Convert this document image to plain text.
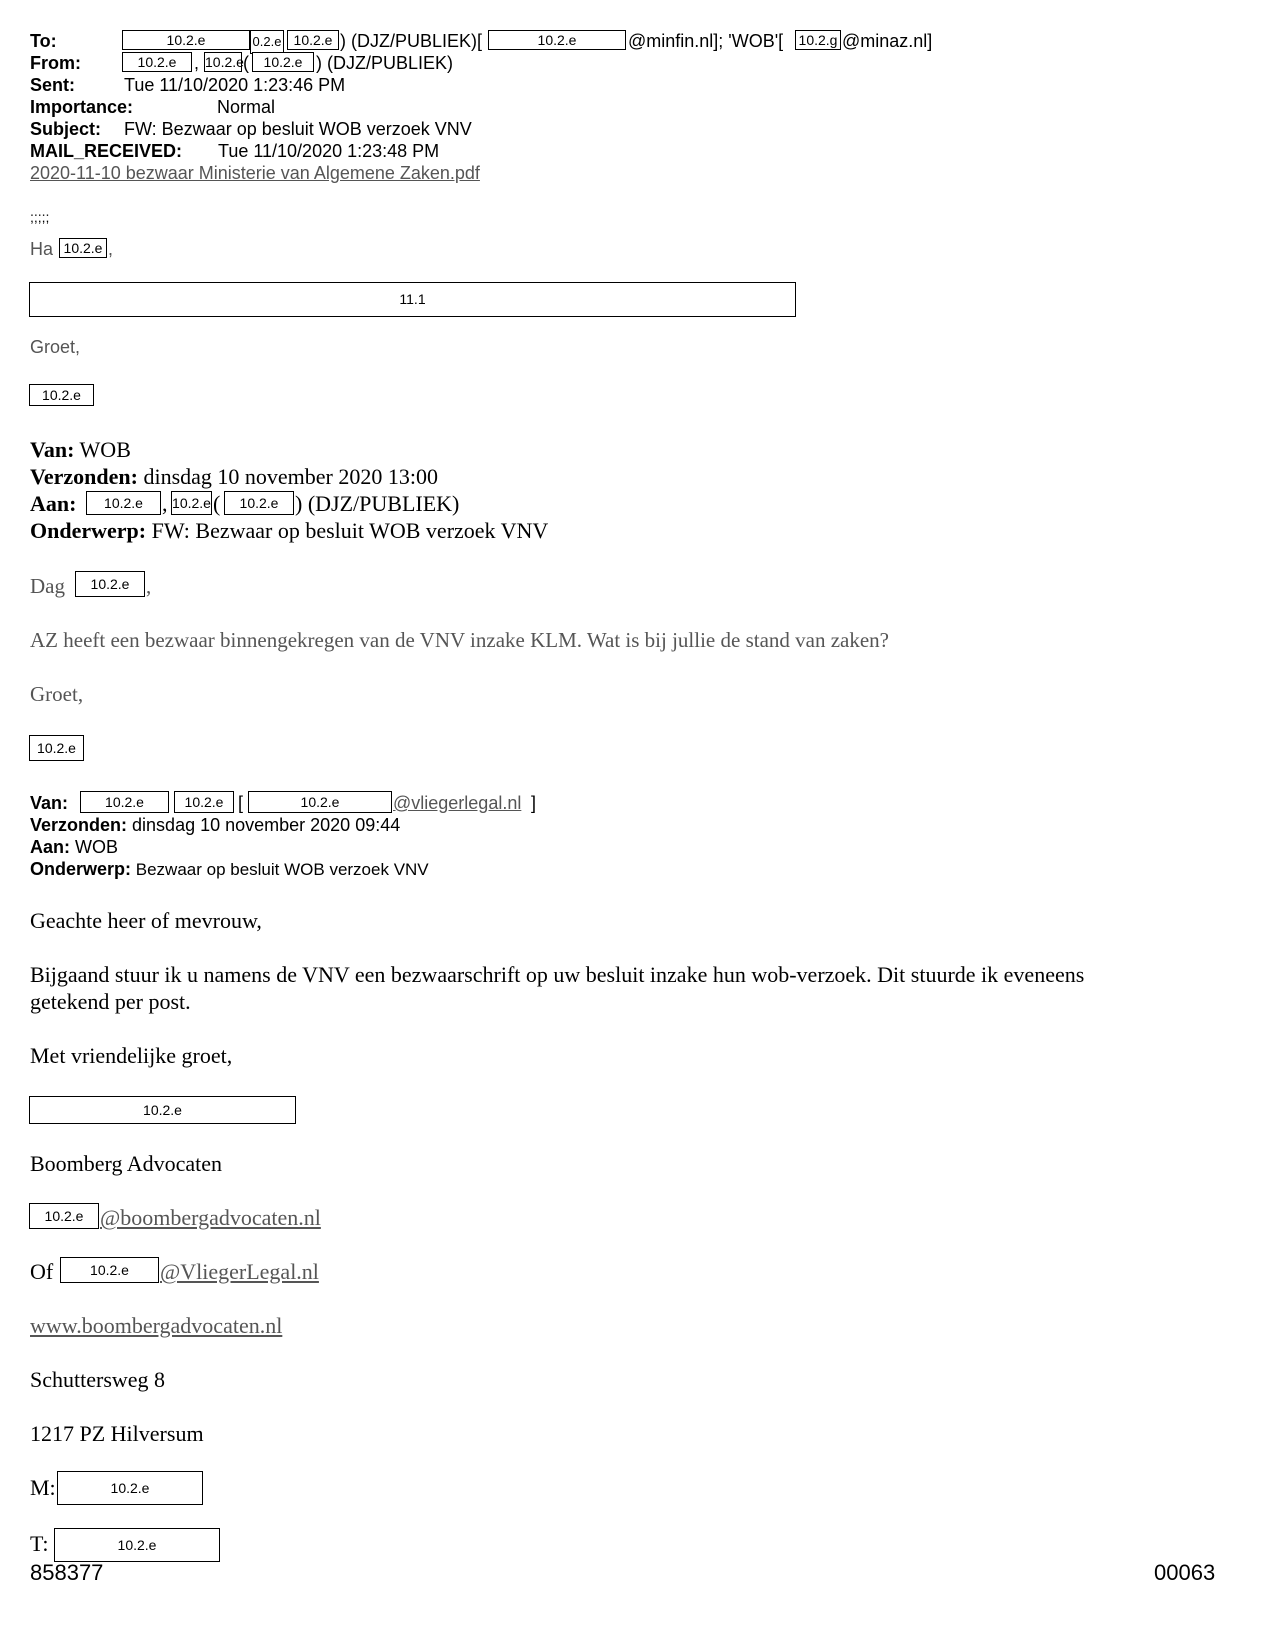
To:	10.2.e	0.2.e 10.2.e ) (DJZ/PUBLIEK)[	10.2.e	@minfin.nl]; 'WOB'[ 10.2.g @minaz.nl]
From:	10.2.e , 10.2.e (	10.2.e ) (DJZ/PUBLIEK)
Sent:	Tue 11/10/2020 1:23:46 PM
Importance:	Normal
Subject: FW: Bezwaar op besluit WOB verzoek VNV
MAIL_RECEIVED: Tue 11/10/2020 1:23:48 PM
2020-11-10 bezwaar Ministerie van Algemene Zaken.pdf
;;;;;
Ha 10.2.e ,
11.1
Groet,
10.2.e
Van: WOB
Verzonden: dinsdag 10 november 2020 13:00
Aan:	10.2.e , 10.2.e (	10.2.e ) (DJZ/PUBLIEK)
Onderwerp: FW: Bezwaar op besluit WOB verzoek VNV
Dag	10.2.e ,
AZ heeft een bezwaar binnengekregen van de VNV inzake KLM. Wat is bij jullie de stand van zaken?
Groet,
10.2.e
Van:	10.2.e	10.2.e [	10.2.e	@vliegerlegal.nl ]
Verzonden: dinsdag 10 november 2020 09:44
Aan: WOB
Onderwerp: Bezwaar op besluit WOB verzoek VNV
Geachte heer of mevrouw,
Bijgaand stuur ik u namens de VNV een bezwaarschrift op uw besluit inzake hun wob-verzoek. Dit stuurde ik eveneens
getekend per post.
Met vriendelijke groet,
10.2.e
Boomberg Advocaten
10.2.e @boombergadvocaten.nl
Of	10.2.e	@VliegerLegal.nl
www.boombergadvocaten.nl
Schuttersweg 8
1217 PZ Hilversum
M:	10.2.e
T:	10.2.e
858377	00063
